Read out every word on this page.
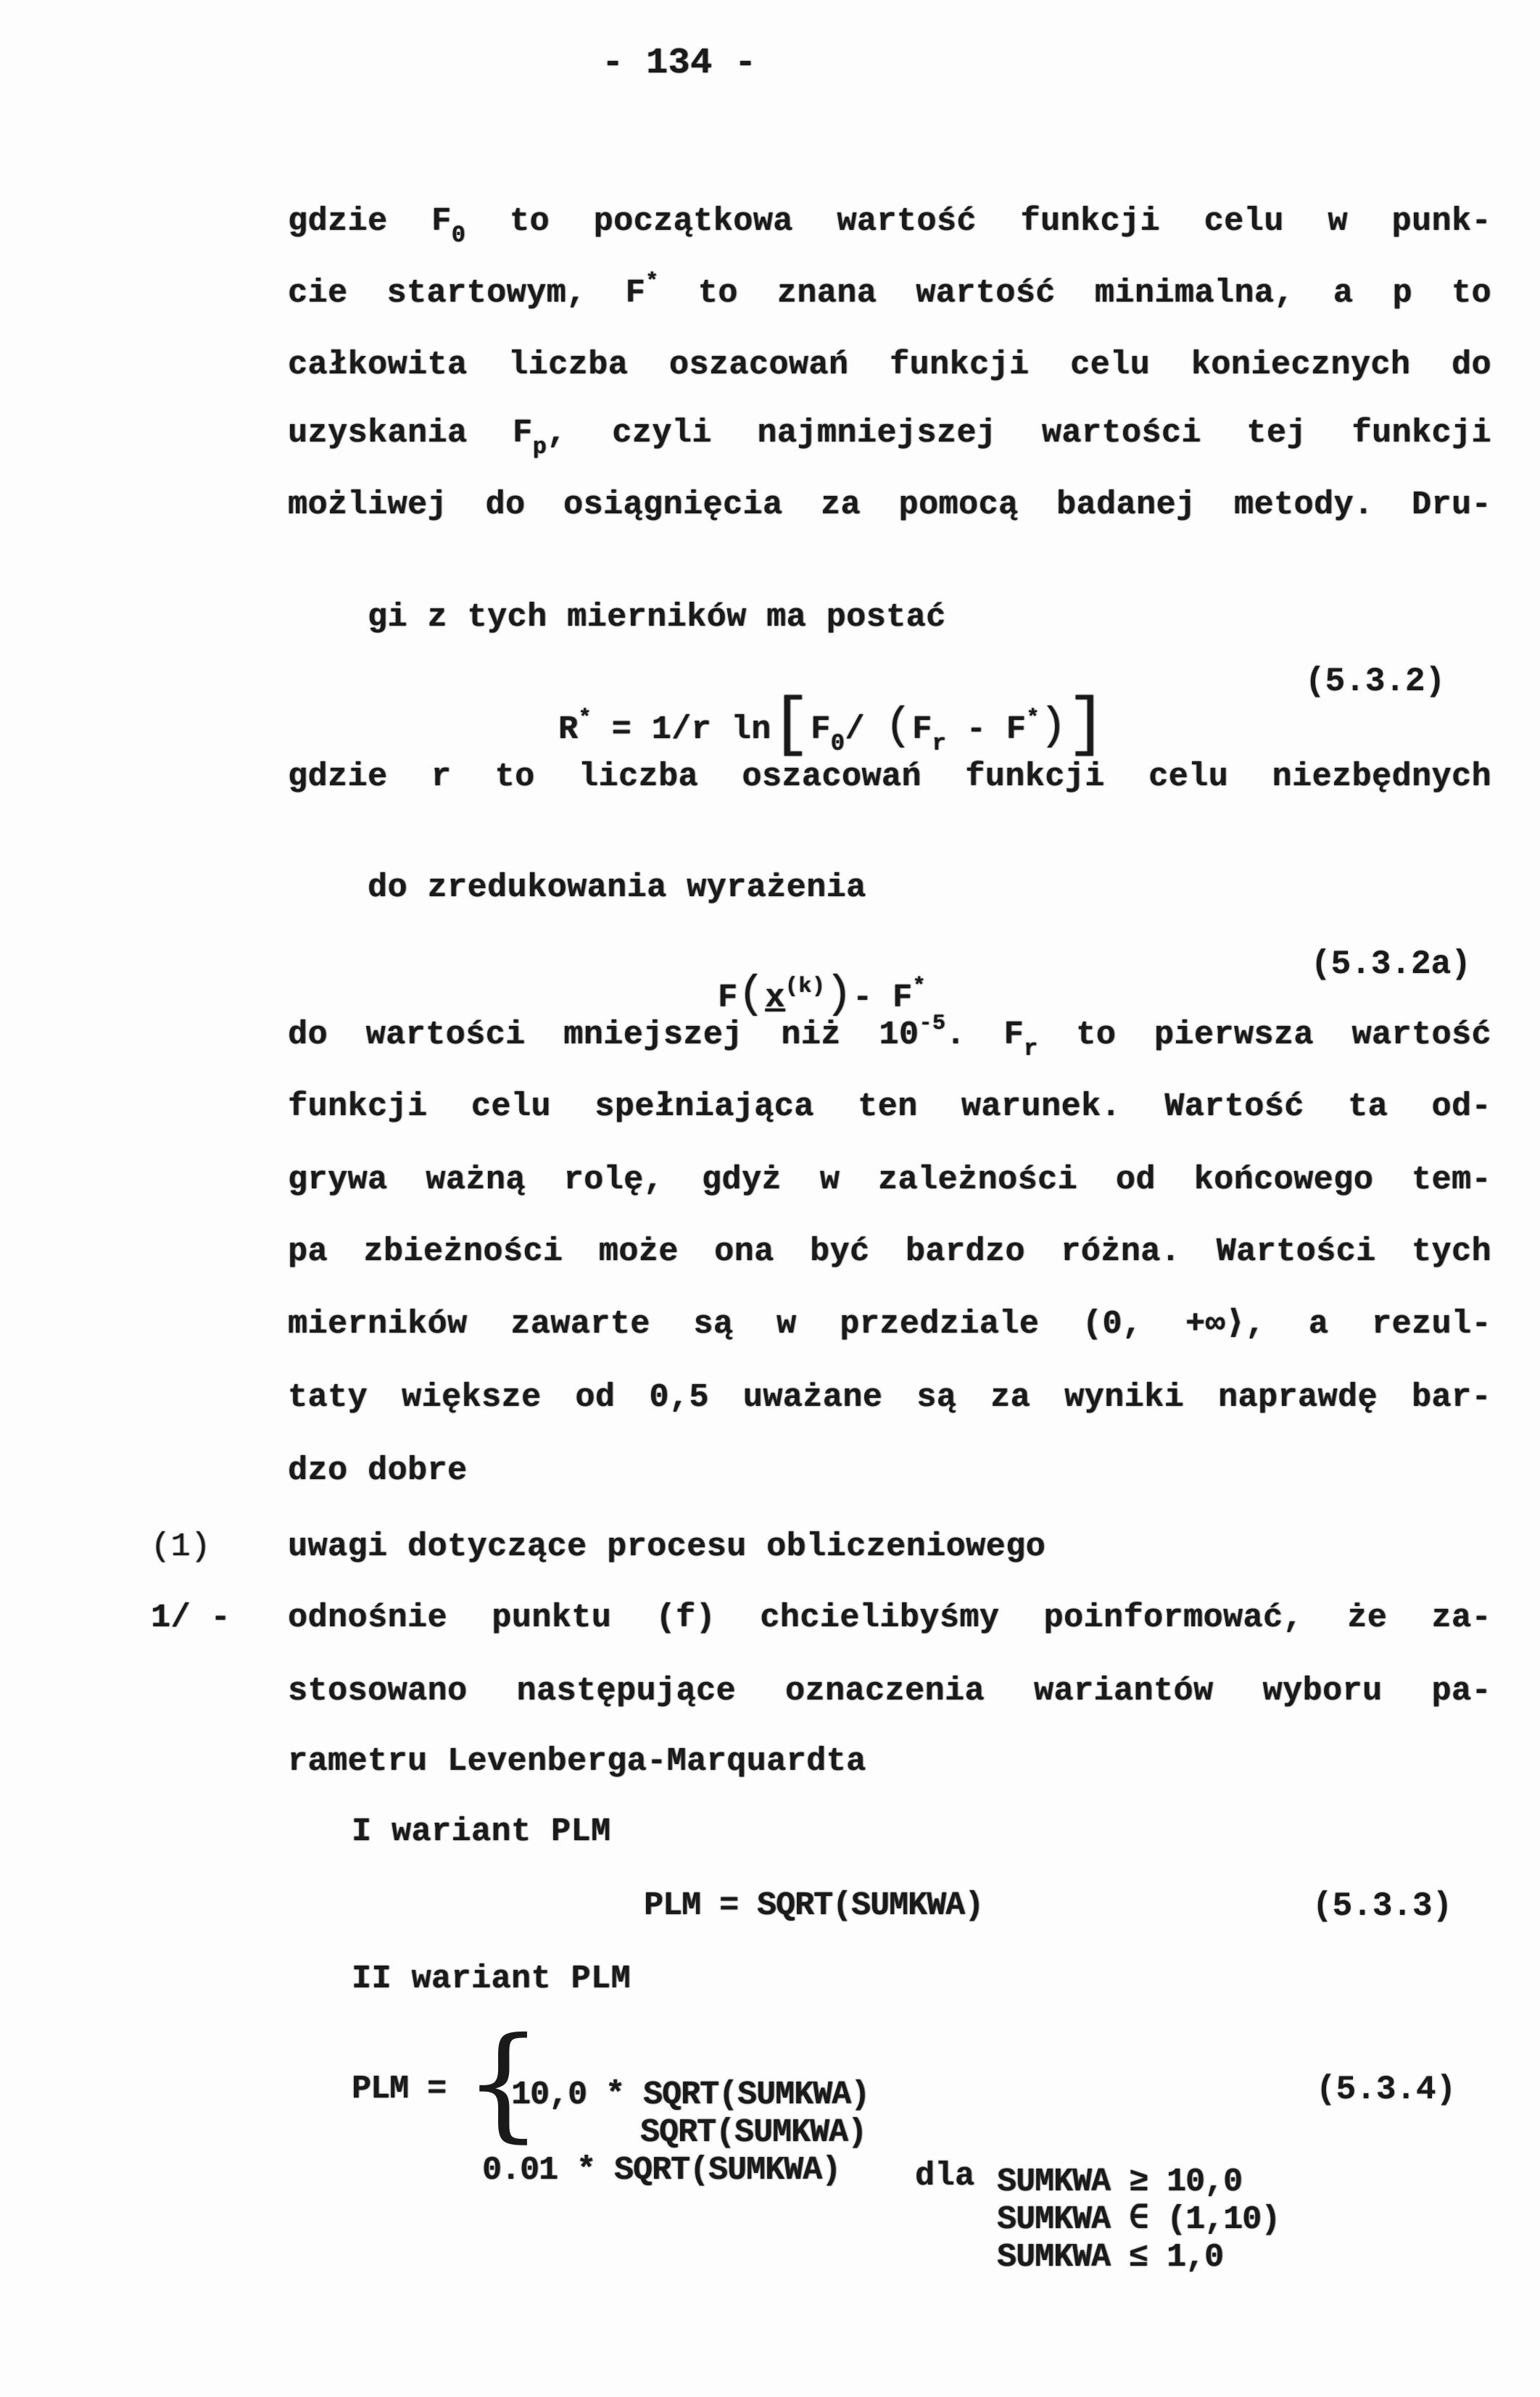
- 134 -
gdzie $F_0$ to początkowa wartość funkcji celu w punk-
cie startowym, F* to znana wartość minimalna, a p to
całkowita liczba oszacowań funkcji celu koniecznych do
uzyskania $F_p$, czyli najmniejszej wartości tej funkcji
możliwej do osiągnięcia za pomocą badanej metody. Dru-

gi z tych mierników ma postać

R* = 1/r $\ln[F_0/$ $(F_r - F^*)$]

(5.3.2)
gdzie r to liczba oszacowań funkcji celu niezbędnych

do zredukowania wyrażenia

$F(x^{(k)})-$ F*

(5.3.2a)
do wartości mniejszej niż $10^{-5}$. $F_r$ to pierwsza wartość
funkcji celu spełniająca ten warunek. Wartość ta od-
grywa ważną rolę, gdyż w zależności od końcowego tem-
pa zbieżności może ona być bardzo różna. Wartości tych
mierników zawarte są w przedziale (0, +∞⟩, a rezul-
taty większe od 0,5 uważane są za wyniki naprawdę bar-
dzo dobre
(1) uwagi dotyczące procesu obliczeniowego
1/ - odnośnie punktu (f) chcielibyśmy poinformować, że za-
stosowano następujące oznaczenia wariantów wyboru pa-
rametru Levenberga-Marquardta
I wariant PLM
PLM = SQRT(SUMKWA)	(5.3.3)
II wariant PLM
PLM = {

10,0 * SQRT(SUMKWA)

SUMKWA ≥ 10,0

SQRT(SUMKWA)

dla

SUMKWA ∈ (1,10)

0.01 * SQRT(SUMKWA)

SUMKWA ≤ 1,0

(5.3.4)
